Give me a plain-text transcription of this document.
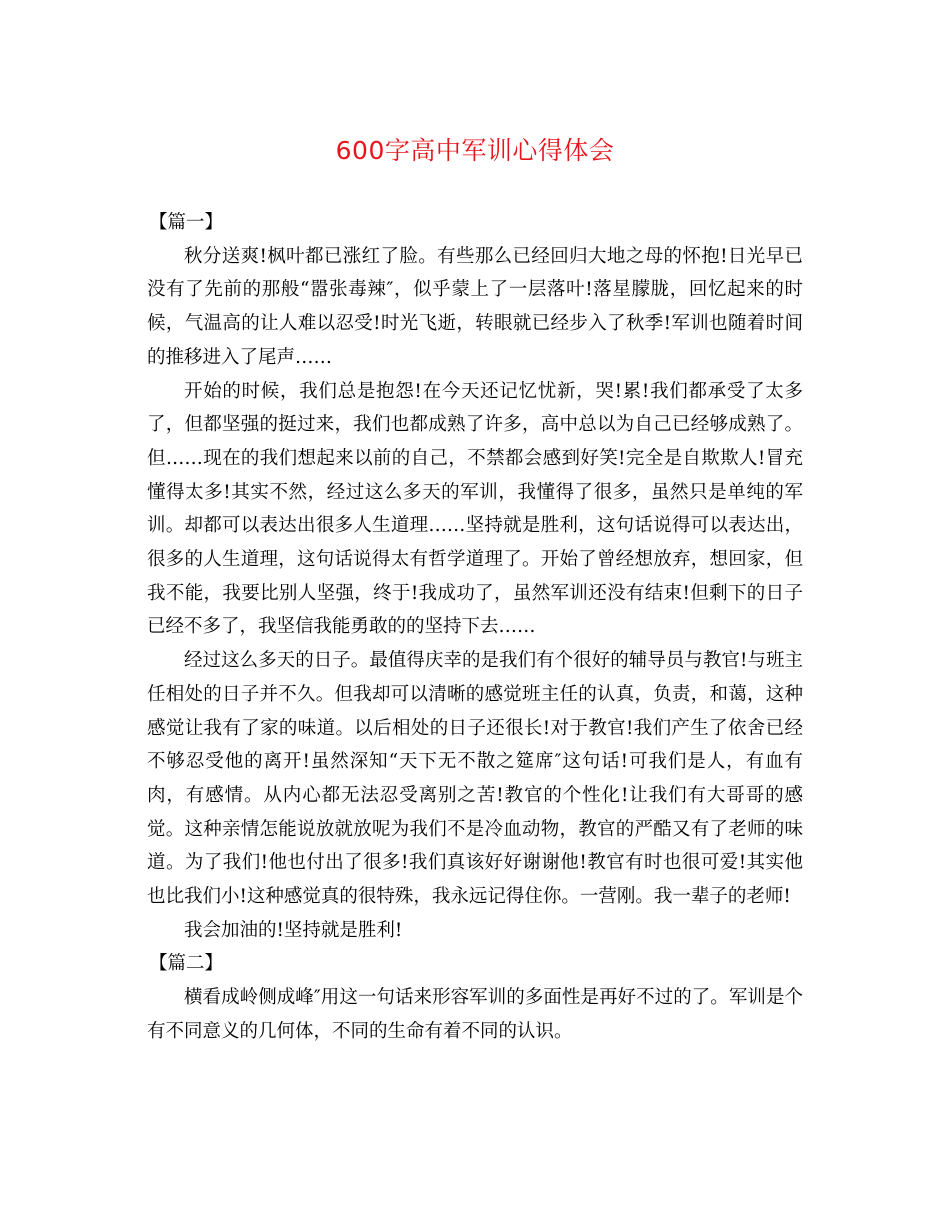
600字高中军训心得体会

【篇一】

秋分送爽!枫叶都已涨红了脸。有些那么已经回归大地之母的怀抱!日光早已没有了先前的那般“嚣张毒辣″，似乎蒙上了一层落叶!落星朦胧，回忆起来的时候，气温高的让人难以忍受!时光飞逝，转眼就已经步入了秋季!军训也随着时间的推移进入了尾声……

开始的时候，我们总是抱怨!在今天还记忆忧新，哭!累!我们都承受了太多了，但都坚强的挺过来，我们也都成熟了许多，高中总以为自己已经够成熟了。但……现在的我们想起来以前的自己，不禁都会感到好笑!完全是自欺欺人!冒充懂得太多!其实不然，经过这么多天的军训，我懂得了很多，虽然只是单纯的军训。却都可以表达出很多人生道理……坚持就是胜利，这句话说得可以表达出，很多的人生道理，这句话说得太有哲学道理了。开始了曾经想放弃，想回家，但我不能，我要比别人坚强，终于!我成功了，虽然军训还没有结束!但剩下的日子已经不多了，我坚信我能勇敢的的坚持下去……

经过这么多天的日子。最值得庆幸的是我们有个很好的辅导员与教官!与班主任相处的日子并不久。但我却可以清晰的感觉班主任的认真，负责，和蔼，这种感觉让我有了家的味道。以后相处的日子还很长!对于教官!我们产生了依舍已经不够忍受他的离开!虽然深知“天下无不散之筵席″这句话!可我们是人，有血有肉，有感情。从内心都无法忍受离别之苦!教官的个性化!让我们有大哥哥的感觉。这种亲情怎能说放就放呢为我们不是冷血动物，教官的严酷又有了老师的味道。为了我们!他也付出了很多!我们真该好好谢谢他!教官有时也很可爱!其实他也比我们小!这种感觉真的很特殊，我永远记得住你。一营刚。我一辈子的老师!

我会加油的!坚持就是胜利!

【篇二】

横看成岭侧成峰″用这一句话来形容军训的多面性是再好不过的了。军训是个有不同意义的几何体，不同的生命有着不同的认识。
